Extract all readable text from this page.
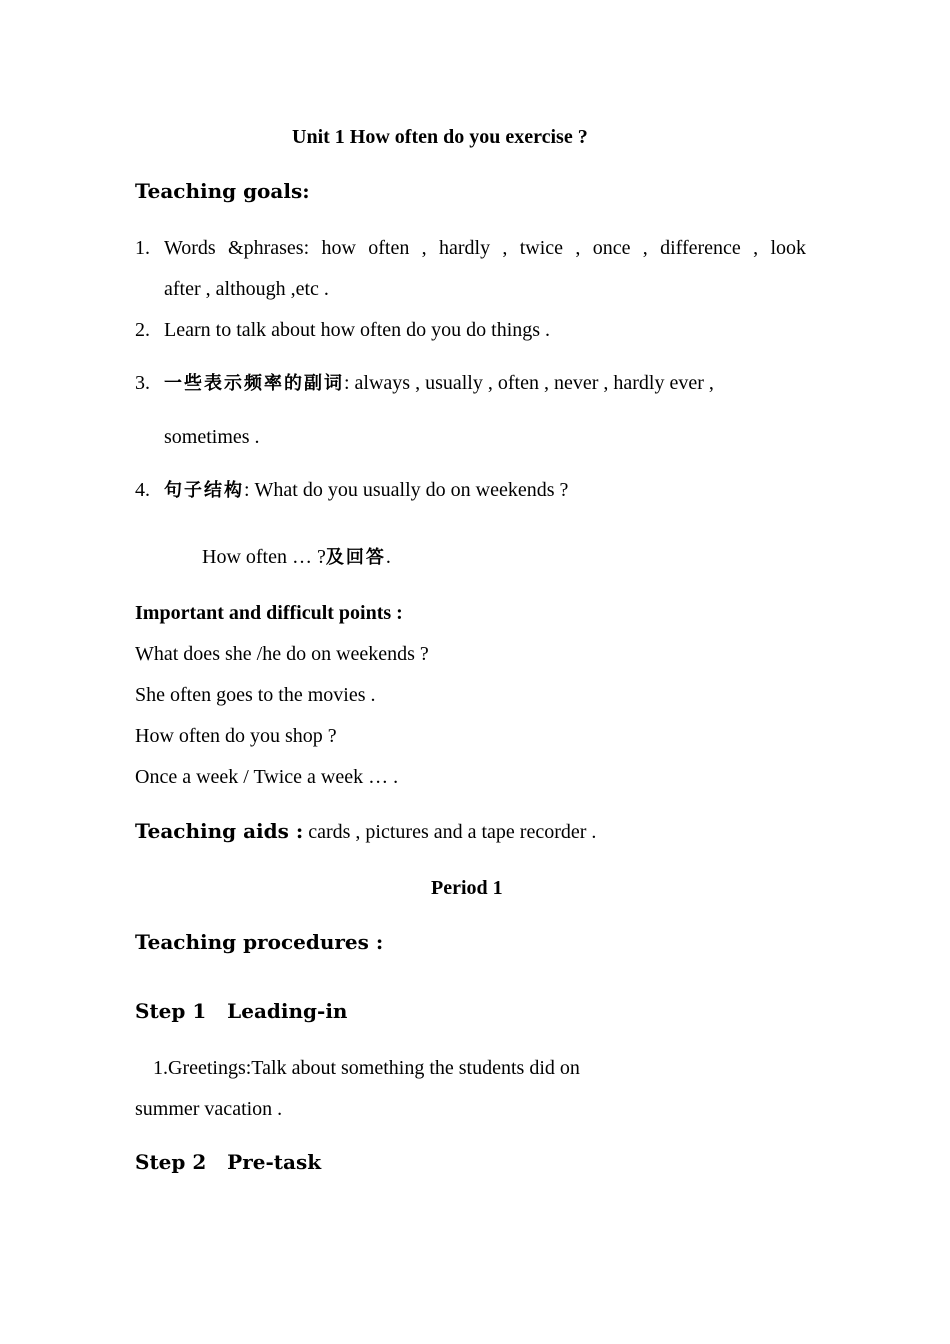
Unit 1 How often do you exercise ?
Teaching goals:
1. Words &phrases: how often , hardly , twice , once , difference , look
after , although ,etc .
2. Learn to talk about how often do you do things .
3. 一些表示频率的副词: always , usually , often , never , hardly ever ,
sometimes .
4. 句子结构: What do you usually do on weekends ?
How often … ?及回答.
Important and difficult points :
What does she /he do on weekends ?
She often goes to the movies .
How often do you shop ?
Once a week / Twice a week … .
Teaching aids : cards , pictures and a tape recorder .
Period 1
Teaching procedures :
Step 1   Leading-in
1.Greetings:Talk about something the students did on
summer vacation .
Step 2   Pre-task
